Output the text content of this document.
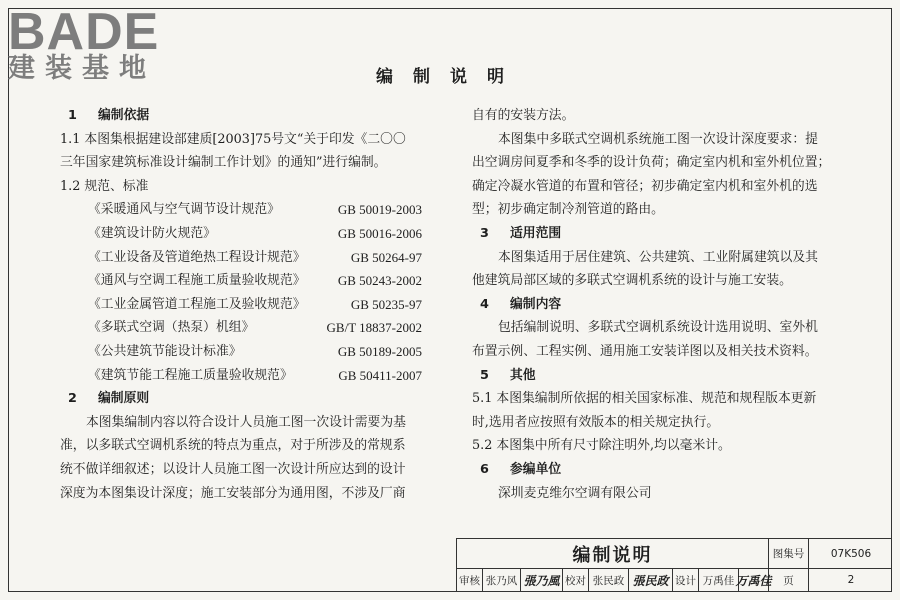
BADE
建装基地	编制说明
1 编制依据
1.1 本图集根据建设部建质[2003]75号文“关于印发《二〇〇
三年国家建筑标准设计编制工作计划》的通知”进行编制。
1.2 规范、标准
《采暖通风与空气调节设计规范》	GB 50019-2003
《建筑设计防火规范》	GB 50016-2006
《工业设备及管道绝热工程设计规范》	GB 50264-97
《通风与空调工程施工质量验收规范》 GB 50243-2002
《工业金属管道工程施工及验收规范》	GB 50235-97
《多联式空调（热泵）机组》	GB/T 18837-2002
《公共建筑节能设计标准》	GB 50189-2005
《建筑节能工程施工质量验收规范》	GB 50411-2007
2 编制原则
本图集编制内容以符合设计人员施工图一次设计需要为基
准，以多联式空调机系统的特点为重点，对于所涉及的常规系
统不做详细叙述；以设计人员施工图一次设计所应达到的设计
深度为本图集设计深度；施工安装部分为通用图，不涉及厂商
自有的安装方法。
本图集中多联式空调机系统施工图一次设计深度要求：提
出空调房间夏季和冬季的设计负荷；确定室内机和室外机位置；
确定冷凝水管道的布置和管径；初步确定室内机和室外机的选
型；初步确定制冷剂管道的路由。
3 适用范围
本图集适用于居住建筑、公共建筑、工业附属建筑以及其
他建筑局部区域的多联式空调机系统的设计与施工安装。
4 编制内容
包括编制说明、多联式空调机系统设计选用说明、室外机
布置示例、工程实例、通用施工安装详图以及相关技术资料。
5 其他
5.1 本图集编制所依据的相关国家标准、规范和规程版本更新
时,选用者应按照有效版本的相关规定执行。
5.2 本图集中所有尺寸除注明外,均以毫米计。
6 参编单位
深圳麦克维尔空调有限公司
编制说明	图集号	07K506
审核 张乃风 張乃風 校对 张民政 張民政 设计 万禹佳 万禹佳	页	2
